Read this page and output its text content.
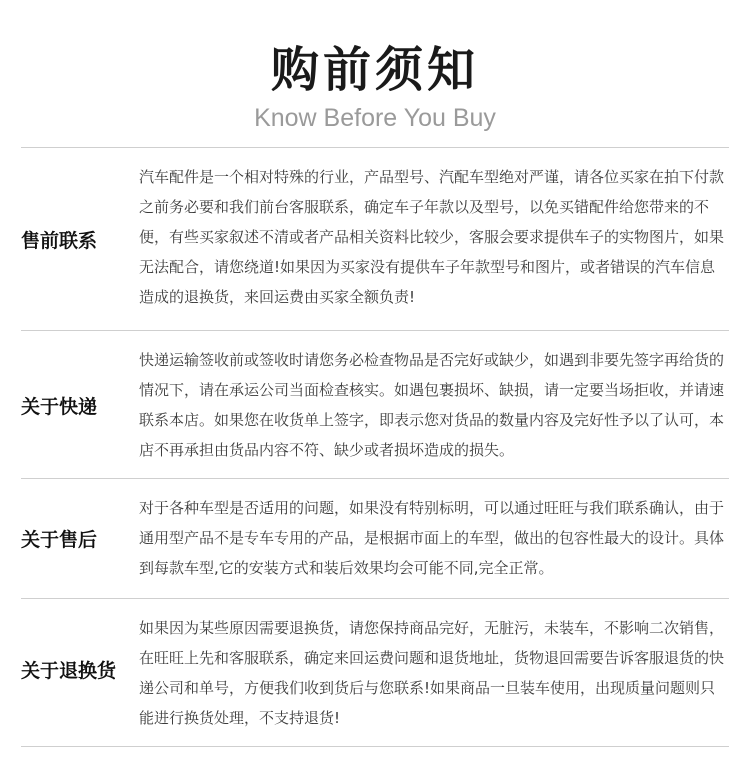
购前须知
Know Before You Buy
售前联系
汽车配件是一个相对特殊的行业，产品型号、汽配车型绝对严谨，请各位买家在拍下付款之前务必要和我们前台客服联系，确定车子年款以及型号，以免买错配件给您带来的不便，有些买家叙述不清或者产品相关资料比较少，客服会要求提供车子的实物图片，如果无法配合，请您绕道!如果因为买家没有提供车子年款型号和图片，或者错误的汽车信息造成的退换货，来回运费由买家全额负责!
关于快递
快递运输签收前或签收时请您务必检查物品是否完好或缺少，如遇到非要先签字再给货的情况下，请在承运公司当面检查核实。如遇包裹损坏、缺损，请一定要当场拒收，并请速联系本店。如果您在收货单上签字，即表示您对货品的数量内容及完好性予以了认可，本店不再承担由货品内容不符、缺少或者损坏造成的损失。
关于售后
对于各种车型是否适用的问题，如果没有特别标明，可以通过旺旺与我们联系确认，由于通用型产品不是专车专用的产品，是根据市面上的车型，做出的包容性最大的设计。具体到每款车型,它的安装方式和装后效果均会可能不同,完全正常。
关于退换货
如果因为某些原因需要退换货，请您保持商品完好，无脏污，未装车，不影响二次销售，在旺旺上先和客服联系，确定来回运费问题和退货地址，货物退回需要告诉客服退货的快递公司和单号，方便我们收到货后与您联系!如果商品一旦装车使用，出现质量问题则只能进行换货处理，不支持退货!
